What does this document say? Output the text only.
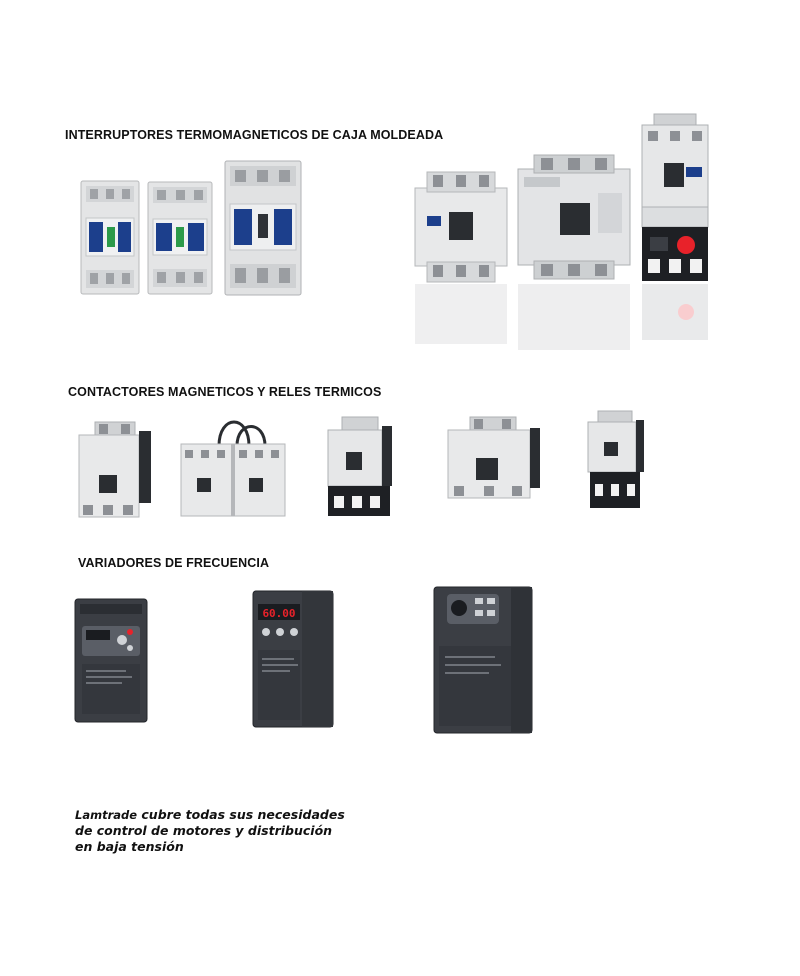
INTERRUPTORES TERMOMAGNETICOS DE CAJA MOLDEADA
CONTACTORES MAGNETICOS Y RELES TERMICOS
VARIADORES DE FRECUENCIA
60.00
Lamtrade cubre todas sus necesidades
de control de motores y distribución
en baja tensión
